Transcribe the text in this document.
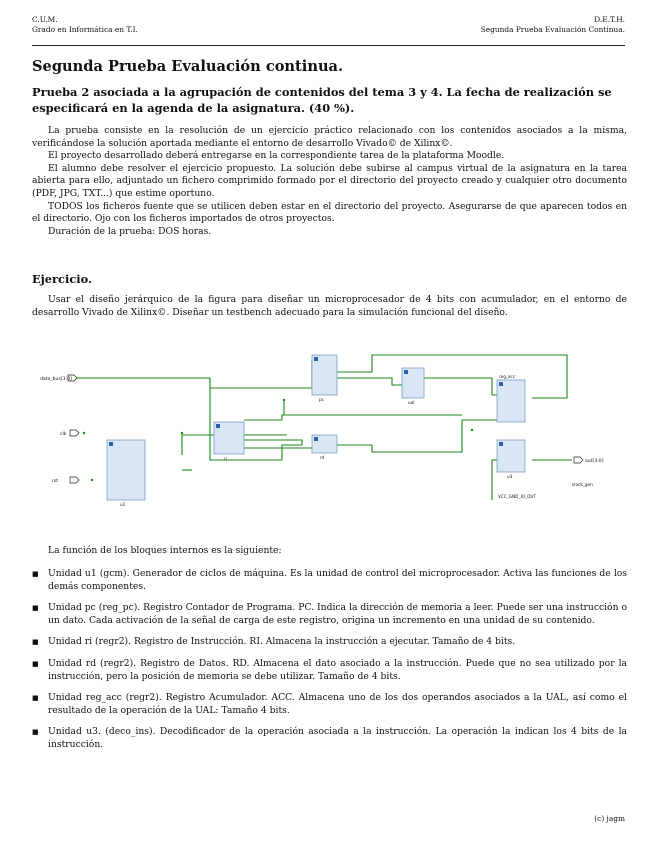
C.U.M.
Grado en Informática en T.I.
D.E.T.H.
Segunda Prueba Evaluación Continua.
Segunda Prueba Evaluación continua.
Prueba 2 asociada a la agrupación de contenidos del tema 3 y 4. La fecha de realización se especificará en la agenda de la asignatura. (40 %).

La prueba consiste en la resolución de un ejercicio práctico relacionado con los contenidos asociados a la misma, verificándose la solución aportada mediante el entorno de desarrollo Vivado© de Xilinx©.

El proyecto desarrollado deberá entregarse en la correspondiente tarea de la plataforma Moodle.

El alumno debe resolver el ejercicio propuesto. La solución debe subirse al campus virtual de la asignatura en la tarea abierta para ello, adjuntado un fichero comprimido formado por el directorio del proyecto creado y cualquier otro documento (PDF, JPG, TXT...) que estime oportuno.

TODOS los ficheros fuente que se utilicen deben estar en el directorio del proyecto. Asegurarse de que aparecen todos en el directorio. Ojo con los ficheros importados de otros proyectos.

Duración de la prueba: DOS horas.

Ejercicio.

Usar el diseño jerárquico de la figura para diseñar un microprocesador de 4 bits con acumulador, en el entorno de desarrollo Vivado de Xilinx©. Diseñar un testbench adecuado para la simulación funcional del diseño.

data_bus[3:0]
clk
rst
out[3:0]
reg_acc
u1
pc
ri	rd
u3
ual
clock_gen
VCC_GND_IO_OUT

La función de los bloques internos es la siguiente:

■ Unidad u1 (gcm). Generador de ciclos de máquina. Es la unidad de control del microprocesador. Activa las funciones de los demás componentes.
■ Unidad pc (reg_pc). Registro Contador de Programa. PC. Indica la dirección de memoria a leer. Puede ser una instrucción o un dato. Cada activación de la señal de carga de este registro, origina un incremento en una unidad de su contenido.
■ Unidad ri (regr2). Registro de Instrucción. RI. Almacena la instrucción a ejecutar. Tamaño de 4 bits.
■ Unidad rd (regr2). Registro de Datos. RD. Almacena el dato asociado a la instrucción. Puede que no sea utilizado por la instrucción, pero la posición de memoria se debe utilizar. Tamaño de 4 bits.
■ Unidad reg_acc (regr2). Registro Acumulador. ACC. Almacena uno de los dos operandos asociados a la UAL, así como el resultado de la operación de la UAL: Tamaño 4 bits.
■ Unidad u3. (deco_ins). Decodificador de la operación asociada a la instrucción. La operación la indican los 4 bits de la instrucción.
(c) jagm
